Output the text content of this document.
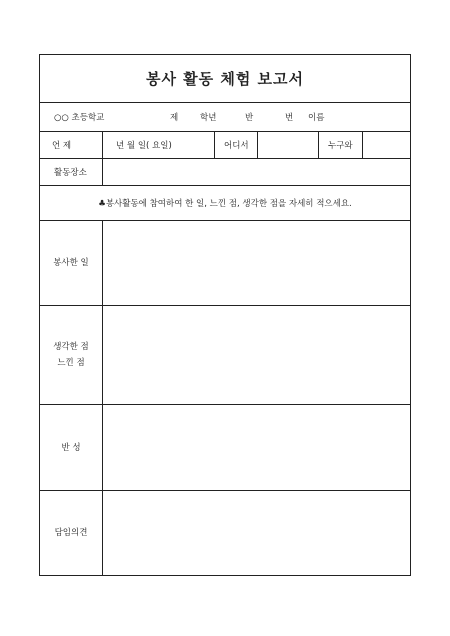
봉사 활동 체험 보고서
○○ 초등학교	제	학년	반	번 이름
언 제	년 월 일( 요일)	어디서	누구와
활동장소
♣봉사활동에 참여하여 한 일, 느낀 점, 생각한 점을 자세히 적으세요.
봉사한 일
생각한 점
느낀 점
반 성
담임의견
